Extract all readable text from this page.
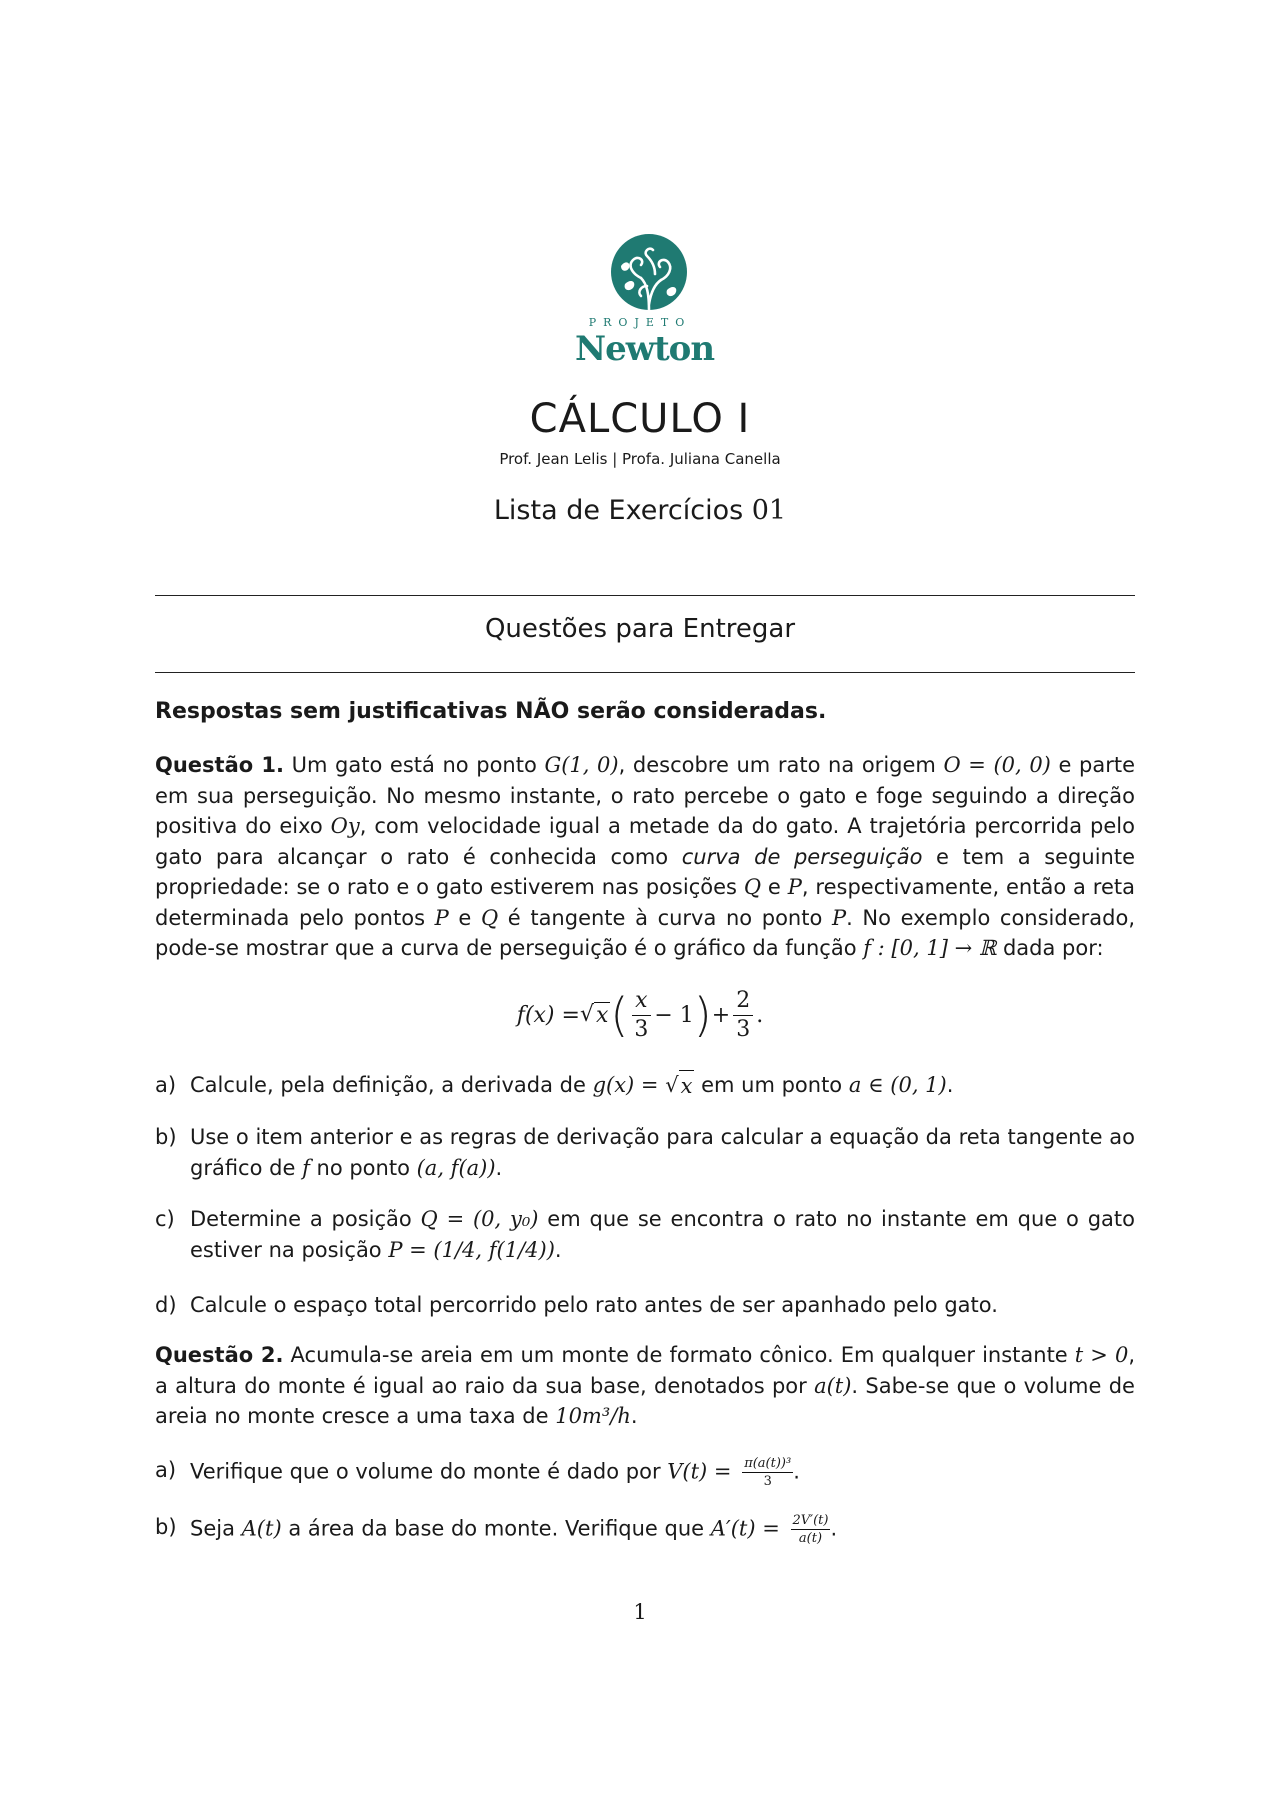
PROJETO
Newton
CÁLCULO I
Prof. Jean Lelis | Profa. Juliana Canella
Lista de Exercícios 01
Questões para Entregar
Respostas sem justificativas NÃO serão consideradas.
Questão 1. Um gato está no ponto G(1, 0), descobre um rato na origem O = (0, 0) e parte em sua perseguição. No mesmo instante, o rato percebe o gato e foge seguindo a direção positiva do eixo Oy, com velocidade igual a metade da do gato. A trajetória percorrida pelo gato para alcançar o rato é conhecida como curva de perseguição e tem a seguinte propriedade: se o rato e o gato estiverem nas posições Q e P, respectivamente, então a reta determinada pelo pontos P e Q é tangente à curva no ponto P. No exemplo considerado, pode-se mostrar que a curva de perseguição é o gráfico da função f : [0, 1] → ℝ dada por:
f(x) = √ x ( $\frac{x}{3} - 1$ ) + $\frac{2}{3}$ .
a) Calcule, pela definição, a derivada de g(x) = √ x em um ponto a ∈ (0, 1).
b) Use o item anterior e as regras de derivação para calcular a equação da reta tangente ao gráfico de f no ponto (a, f(a)).
c) Determine a posição Q = (0, y₀) em que se encontra o rato no instante em que o gato estiver na posição P = (1/4, f(1/4)).
d) Calcule o espaço total percorrido pelo rato antes de ser apanhado pelo gato.
Questão 2. Acumula-se areia em um monte de formato cônico. Em qualquer instante t > 0, a altura do monte é igual ao raio da sua base, denotados por a(t). Sabe-se que o volume de areia no monte cresce a uma taxa de 10m³/h.
a) Verifique que o volume do monte é dado por $V(t) = \frac{\text{π(a(t))³}}{3}$ .
b) Seja A(t) a área da base do monte. Verifique que $A'(t) = \frac{2V'(t)}{a(t)}$ .
1
